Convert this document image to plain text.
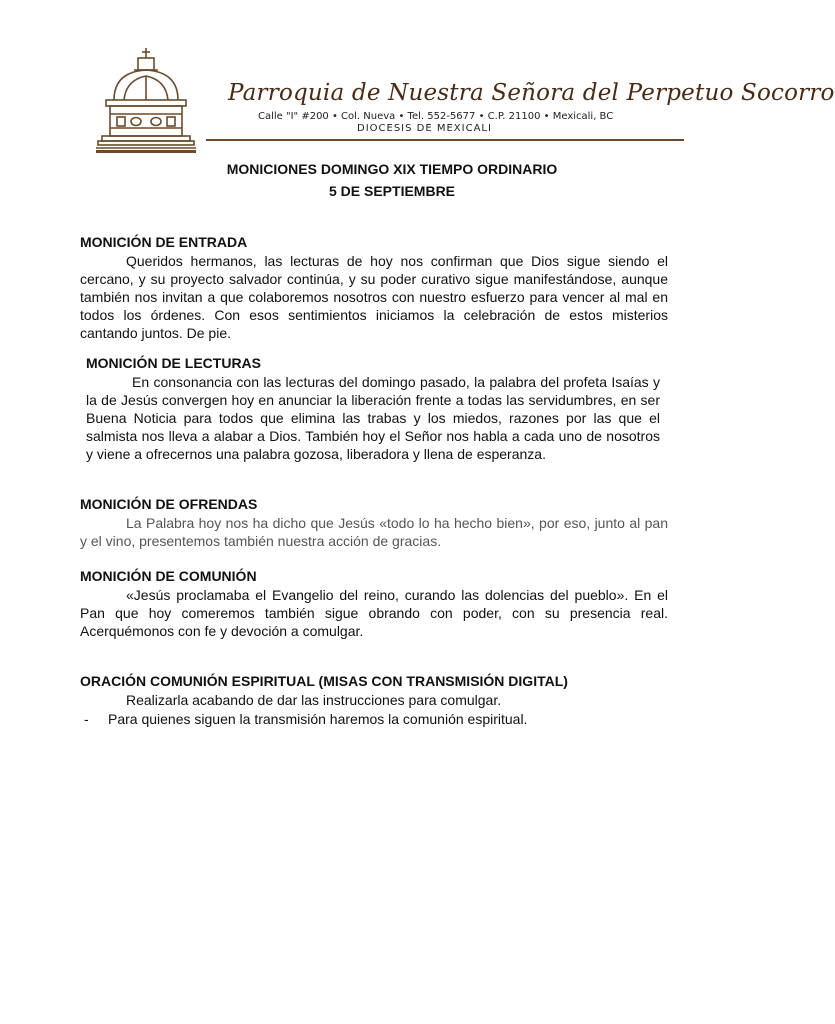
Parroquia de Nuestra Señora del Perpetuo Socorro

Calle "I" #200 • Col. Nueva • Tel. 552-5677 • C.P. 21100 • Mexicali, BC

DIOCESIS DE MEXICALI

MONICIONES DOMINGO XIX TIEMPO ORDINARIO
5 DE SEPTIEMBRE
MONICIÓN DE ENTRADA

Queridos hermanos, las lecturas de hoy nos confirman que Dios sigue siendo el cercano, y su proyecto salvador continúa, y su poder curativo sigue manifestándose, aunque también nos invitan a que colaboremos nosotros con nuestro esfuerzo para vencer al mal en todos los órdenes. Con esos sentimientos iniciamos la celebración de estos misterios cantando juntos. De pie.

MONICIÓN DE LECTURAS

En consonancia con las lecturas del domingo pasado, la palabra del profeta Isaías y la de Jesús convergen hoy en anunciar la liberación frente a todas las servidumbres, en ser Buena Noticia para todos que elimina las trabas y los miedos, razones por las que el salmista nos lleva a alabar a Dios. También hoy el Señor nos habla a cada uno de nosotros y viene a ofrecernos una palabra gozosa, liberadora y llena de esperanza.

MONICIÓN DE OFRENDAS

La Palabra hoy nos ha dicho que Jesús «todo lo ha hecho bien», por eso, junto al pan y el vino, presentemos también nuestra acción de gracias.

MONICIÓN DE COMUNIÓN

«Jesús proclamaba el Evangelio del reino, curando las dolencias del pueblo». En el Pan que hoy comeremos también sigue obrando con poder, con su presencia real. Acerquémonos con fe y devoción a comulgar.

ORACIÓN COMUNIÓN ESPIRITUAL (MISAS CON TRANSMISIÓN DIGITAL)

Realizarla acabando de dar las instrucciones para comulgar.

-	Para quienes siguen la transmisión haremos la comunión espiritual.
